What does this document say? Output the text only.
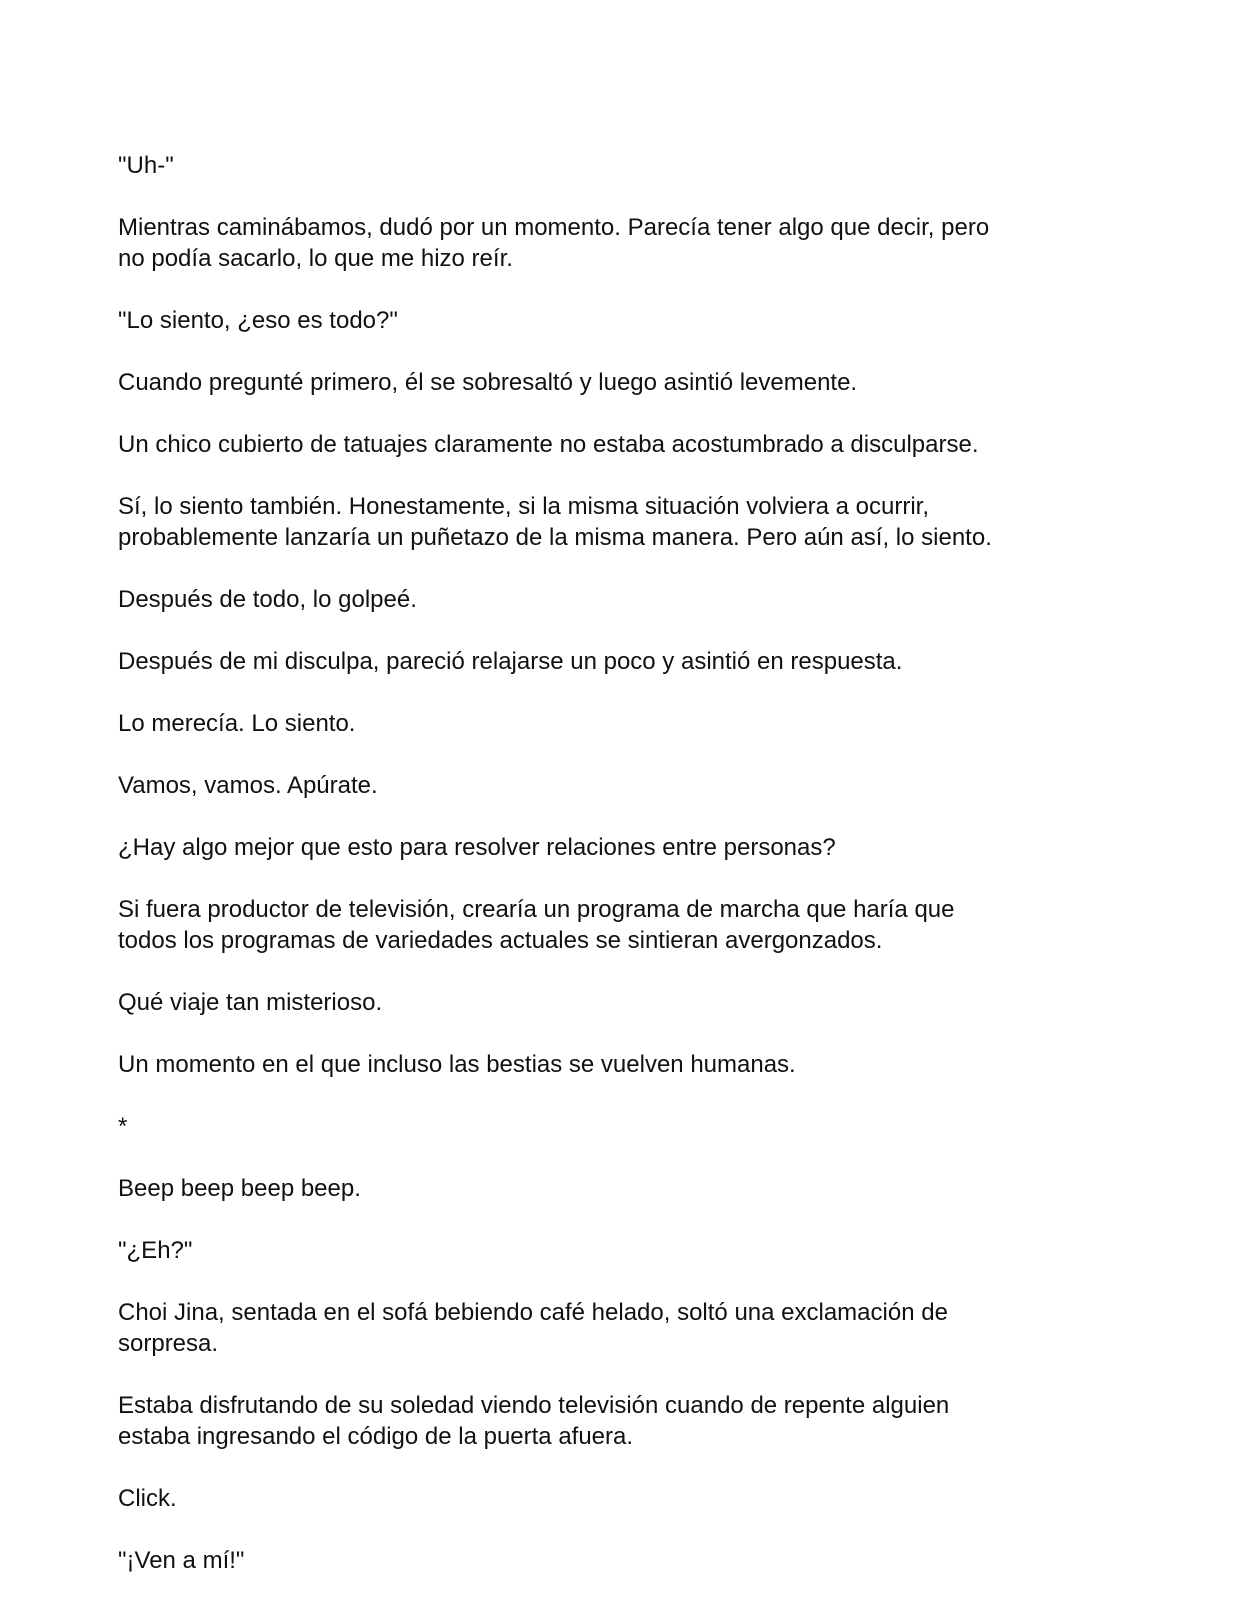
"Uh-"

Mientras caminábamos, dudó por un momento. Parecía tener algo que decir, pero
no podía sacarlo, lo que me hizo reír.

"Lo siento, ¿eso es todo?"

Cuando pregunté primero, él se sobresaltó y luego asintió levemente.

Un chico cubierto de tatuajes claramente no estaba acostumbrado a disculparse.

Sí, lo siento también. Honestamente, si la misma situación volviera a ocurrir,
probablemente lanzaría un puñetazo de la misma manera. Pero aún así, lo siento.

Después de todo, lo golpeé.

Después de mi disculpa, pareció relajarse un poco y asintió en respuesta.

Lo merecía. Lo siento.

Vamos, vamos. Apúrate.

¿Hay algo mejor que esto para resolver relaciones entre personas?

Si fuera productor de televisión, crearía un programa de marcha que haría que
todos los programas de variedades actuales se sintieran avergonzados.

Qué viaje tan misterioso.

Un momento en el que incluso las bestias se vuelven humanas.

*

Beep beep beep beep.

"¿Eh?"

Choi Jina, sentada en el sofá bebiendo café helado, soltó una exclamación de
sorpresa.

Estaba disfrutando de su soledad viendo televisión cuando de repente alguien
estaba ingresando el código de la puerta afuera.

Click.

"¡Ven a mí!"
